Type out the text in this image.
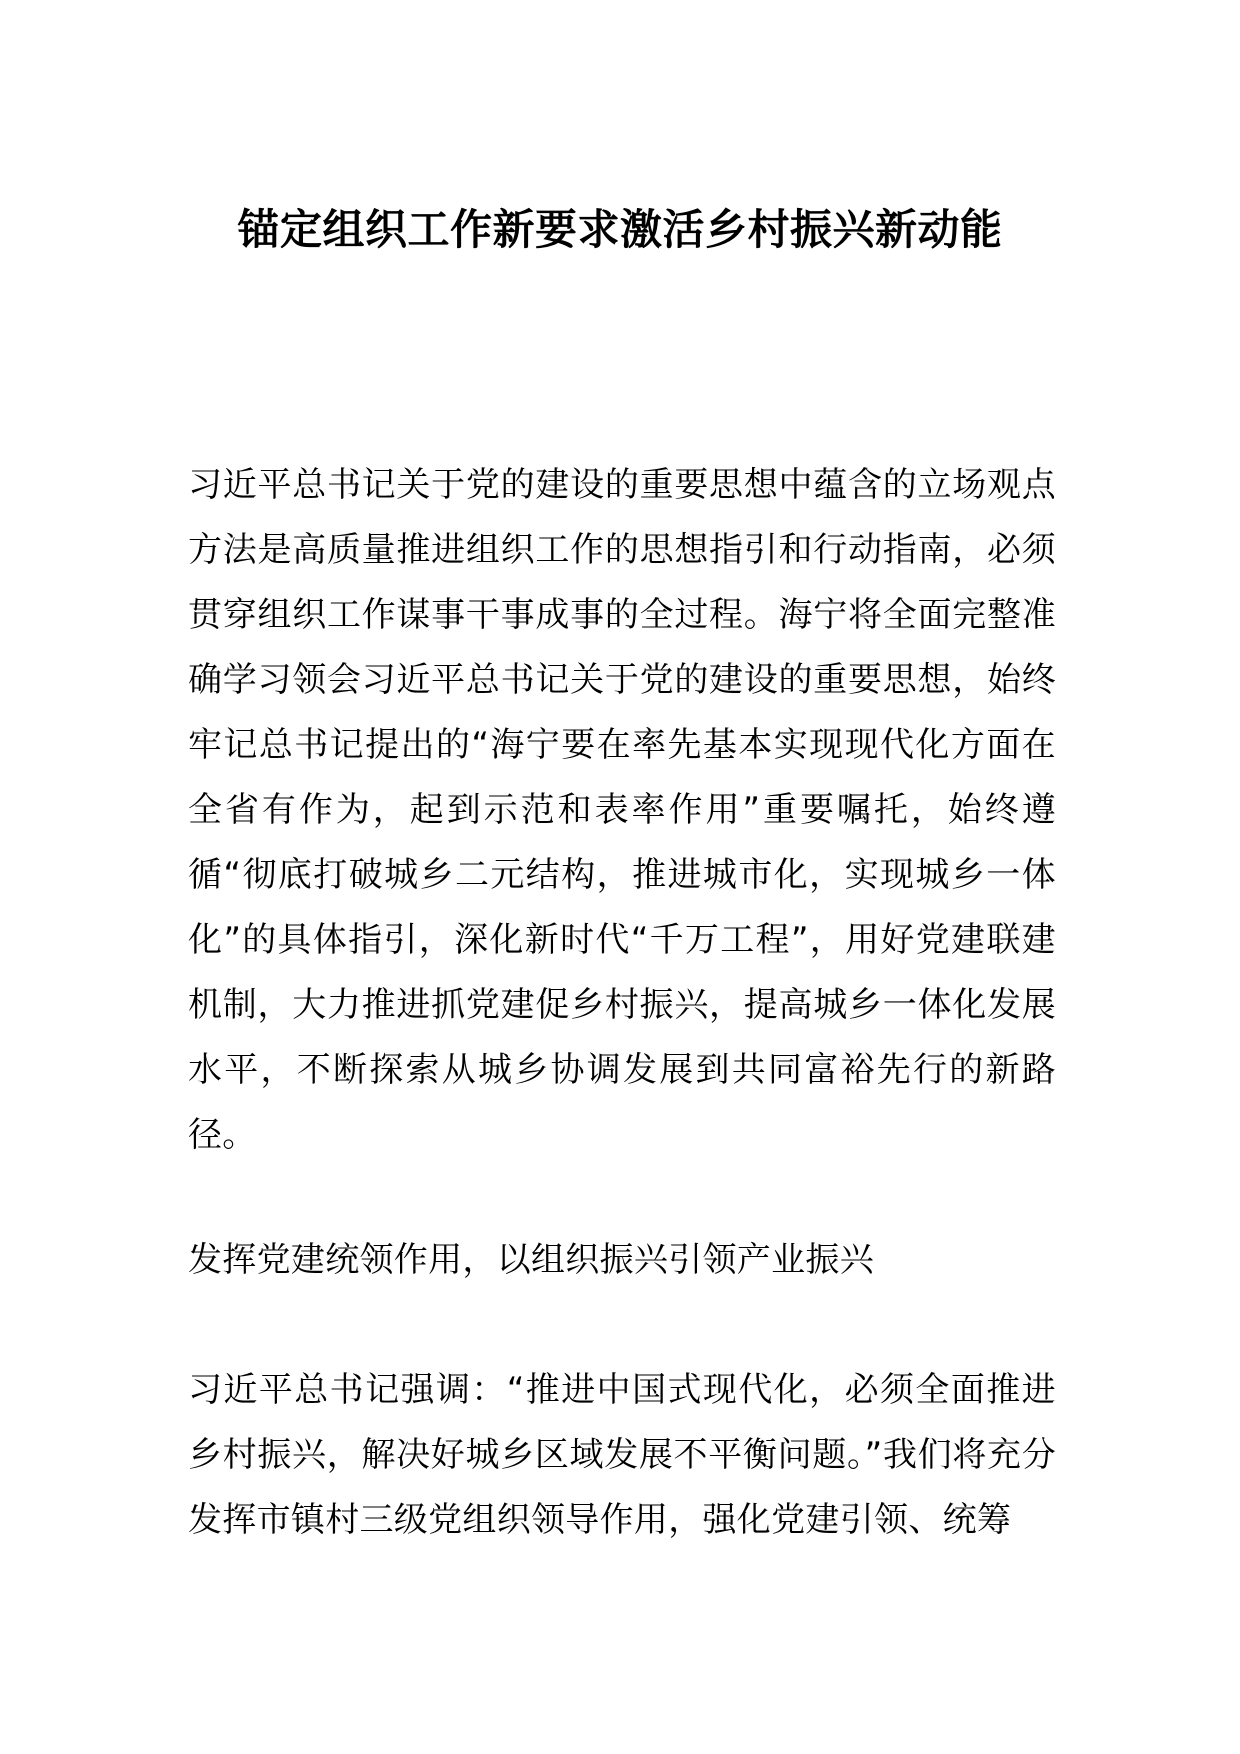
锚定组织工作新要求激活乡村振兴新动能

习近平总书记关于党的建设的重要思想中蕴含的立场观点方法是高质量推进组织工作的思想指引和行动指南，必须贯穿组织工作谋事干事成事的全过程。海宁将全面完整准确学习领会习近平总书记关于党的建设的重要思想，始终牢记总书记提出的“海宁要在率先基本实现现代化方面在全省有作为，起到示范和表率作用”重要嘱托，始终遵循“彻底打破城乡二元结构，推进城市化，实现城乡一体化”的具体指引，深化新时代“千万工程”，用好党建联建机制，大力推进抓党建促乡村振兴，提高城乡一体化发展水平，不断探索从城乡协调发展到共同富裕先行的新路径。

发挥党建统领作用，以组织振兴引领产业振兴

习近平总书记强调：“推进中国式现代化，必须全面推进乡村振兴，解决好城乡区域发展不平衡问题。”我们将充分发挥市镇村三级党组织领导作用，强化党建引领、统筹
